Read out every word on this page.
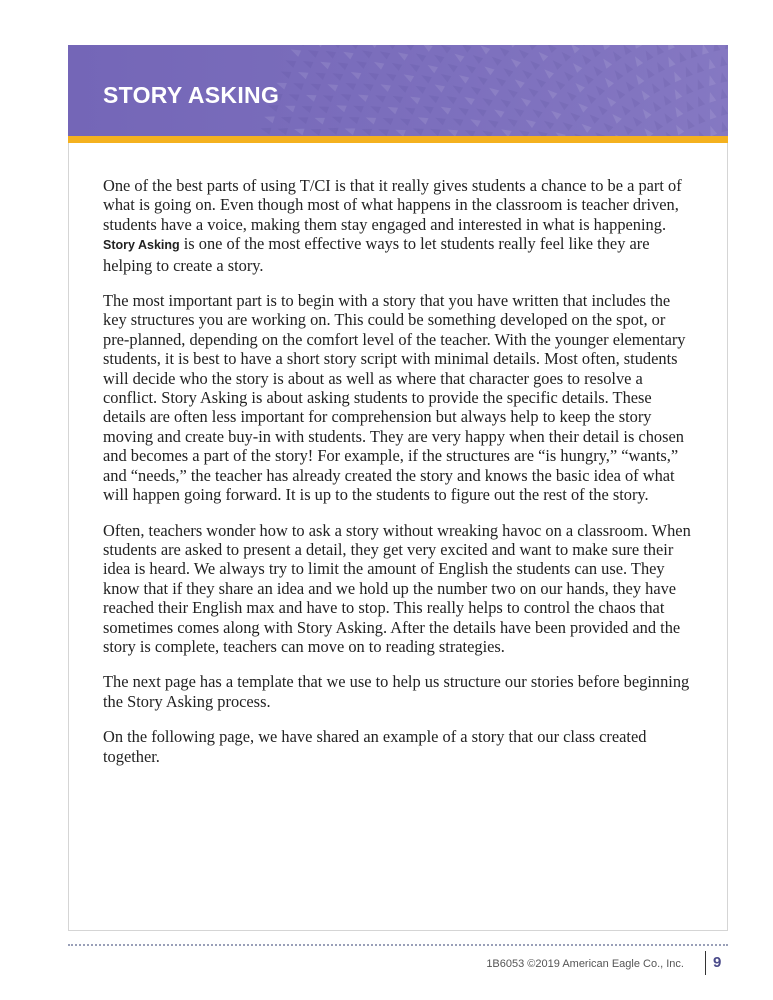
STORY ASKING

One of the best parts of using T/CI is that it really gives students a chance to be a part of what is going on. Even though most of what happens in the classroom is teacher driven, students have a voice, making them stay engaged and interested in what is happening. Story Asking is one of the most effective ways to let students really feel like they are helping to create a story.

The most important part is to begin with a story that you have written that includes the key structures you are working on. This could be something developed on the spot, or pre-planned, depending on the comfort level of the teacher. With the younger elementary students, it is best to have a short story script with minimal details. Most often, students will decide who the story is about as well as where that character goes to resolve a conflict. Story Asking is about asking students to provide the specific details. These details are often less important for comprehension but always help to keep the story moving and create buy-in with students. They are very happy when their detail is chosen and becomes a part of the story! For example, if the structures are “is hungry,” “wants,” and “needs,” the teacher has already created the story and knows the basic idea of what will happen going forward. It is up to the students to figure out the rest of the story.

Often, teachers wonder how to ask a story without wreaking havoc on a classroom. When students are asked to present a detail, they get very excited and want to make sure their idea is heard. We always try to limit the amount of English the students can use. They know that if they share an idea and we hold up the number two on our hands, they have reached their English max and have to stop. This really helps to control the chaos that sometimes comes along with Story Asking. After the details have been provided and the story is complete, teachers can move on to reading strategies.

The next page has a template that we use to help us structure our stories before beginning the Story Asking process.

On the following page, we have shared an example of a story that our class created together.

1B6053 ©2019 American Eagle Co., Inc. 9
